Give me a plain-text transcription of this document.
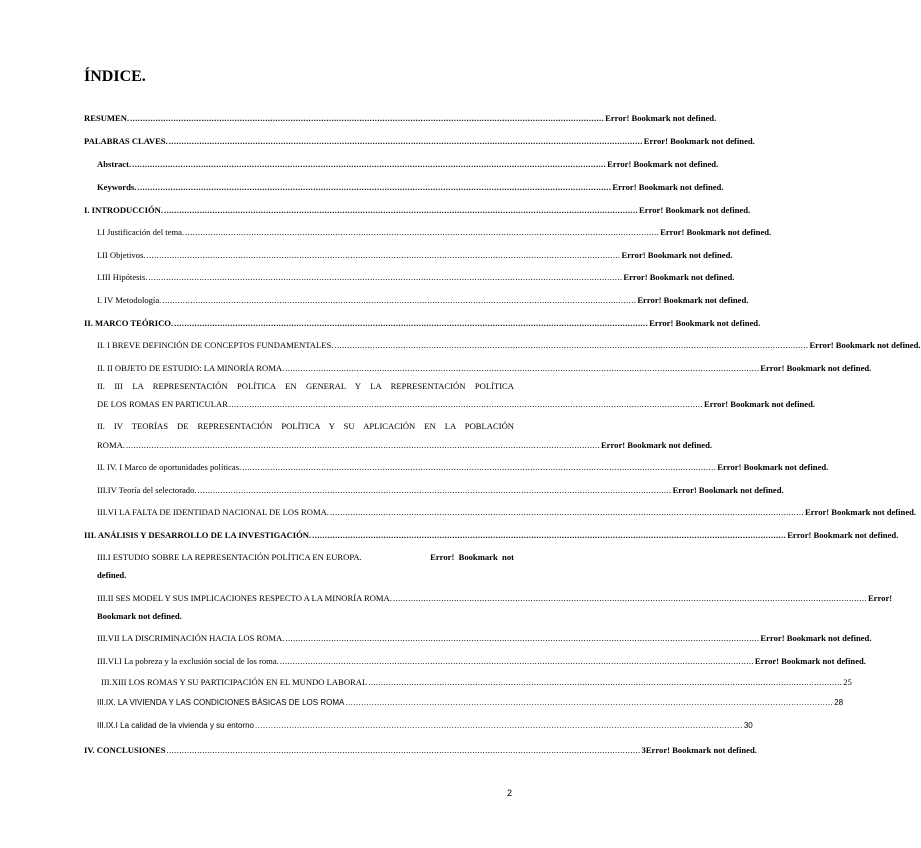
ÍNDICE.
RESUMEN. .......................................................................................................................................................................................... Error! Bookmark not defined.
PALABRAS CLAVES. .......................................................................................................................................................................................... Error! Bookmark not defined.
Abstract. .......................................................................................................................................................................................... Error! Bookmark not defined.
Keywords. .......................................................................................................................................................................................... Error! Bookmark not defined.
I. INTRODUCCIÓN. .......................................................................................................................................................................................... Error! Bookmark not defined.
I.I Justificación del tema. .......................................................................................................................................................................................... Error! Bookmark not defined.
I.II Objetivos. .......................................................................................................................................................................................... Error! Bookmark not defined.
I.III Hipótesis. .......................................................................................................................................................................................... Error! Bookmark not defined.
I. IV Metodología. .......................................................................................................................................................................................... Error! Bookmark not defined.
II. MARCO TEÓRICO. .......................................................................................................................................................................................... Error! Bookmark not defined.
II. I BREVE DEFINCIÓN DE CONCEPTOS FUNDAMENTALES. .......................................................................................................................................................................................... Error! Bookmark not defined.
II. II OBJETO DE ESTUDIO: LA MINORÍA ROMA. .......................................................................................................................................................................................... Error! Bookmark not defined.
II. III LA REPRESENTACIÓN POLÍTICA EN GENERAL Y LA REPRESENTACIÓN POLÍTICA
DE LOS ROMAS EN PARTICULAR .......................................................................................................................................................................................... Error! Bookmark not defined.
II. IV TEORÍAS DE REPRESENTACIÓN POLÍTICA Y SU APLICACIÓN EN LA POBLACIÓN
ROMA. .......................................................................................................................................................................................... Error! Bookmark not defined.
II. IV. I Marco de oportunidades políticas. .......................................................................................................................................................................................... Error! Bookmark not defined.
III.IV Teoría del selectorado. .......................................................................................................................................................................................... Error! Bookmark not defined.
III.VI LA FALTA DE IDENTIDAD NACIONAL DE LOS ROMA. .......................................................................................................................................................................................... Error! Bookmark not defined.
III. ANÁLISIS Y DESARROLLO DE LA INVESTIGACIÓN. .......................................................................................................................................................................................... Error! Bookmark not defined.
III.I ESTUDIO SOBRE LA REPRESENTACIÓN POLÍTICA EN EUROPA.	Error!  Bookmark  not
defined.
III.II SES MODEL Y SUS IMPLICACIONES RESPECTO A LA MINORÍA ROMA. .......................................................................................................................................................................................... Error!
Bookmark not defined.
III.VII LA DISCRIMINACIÓN HACIA LOS ROMA. .......................................................................................................................................................................................... Error! Bookmark not defined.
III.VI.I La pobreza y la exclusión social de los roma. .......................................................................................................................................................................................... Error! Bookmark not defined.
III.XIII LOS ROMAS Y SU PARTICIPACIÓN EN EL MUNDO LABORAL .......................................................................................................................................................................................... 25
III.IX. LA VIVIENDA Y LAS CONDICIONES BÁSICAS DE LOS ROMA .......................................................................................................................................................................................... 28
III.IX.I La calidad de la vivienda y su entorno .......................................................................................................................................................................................... 30
IV. CONCLUSIONES .......................................................................................................................................................................................... 3Error! Bookmark not defined.
2
